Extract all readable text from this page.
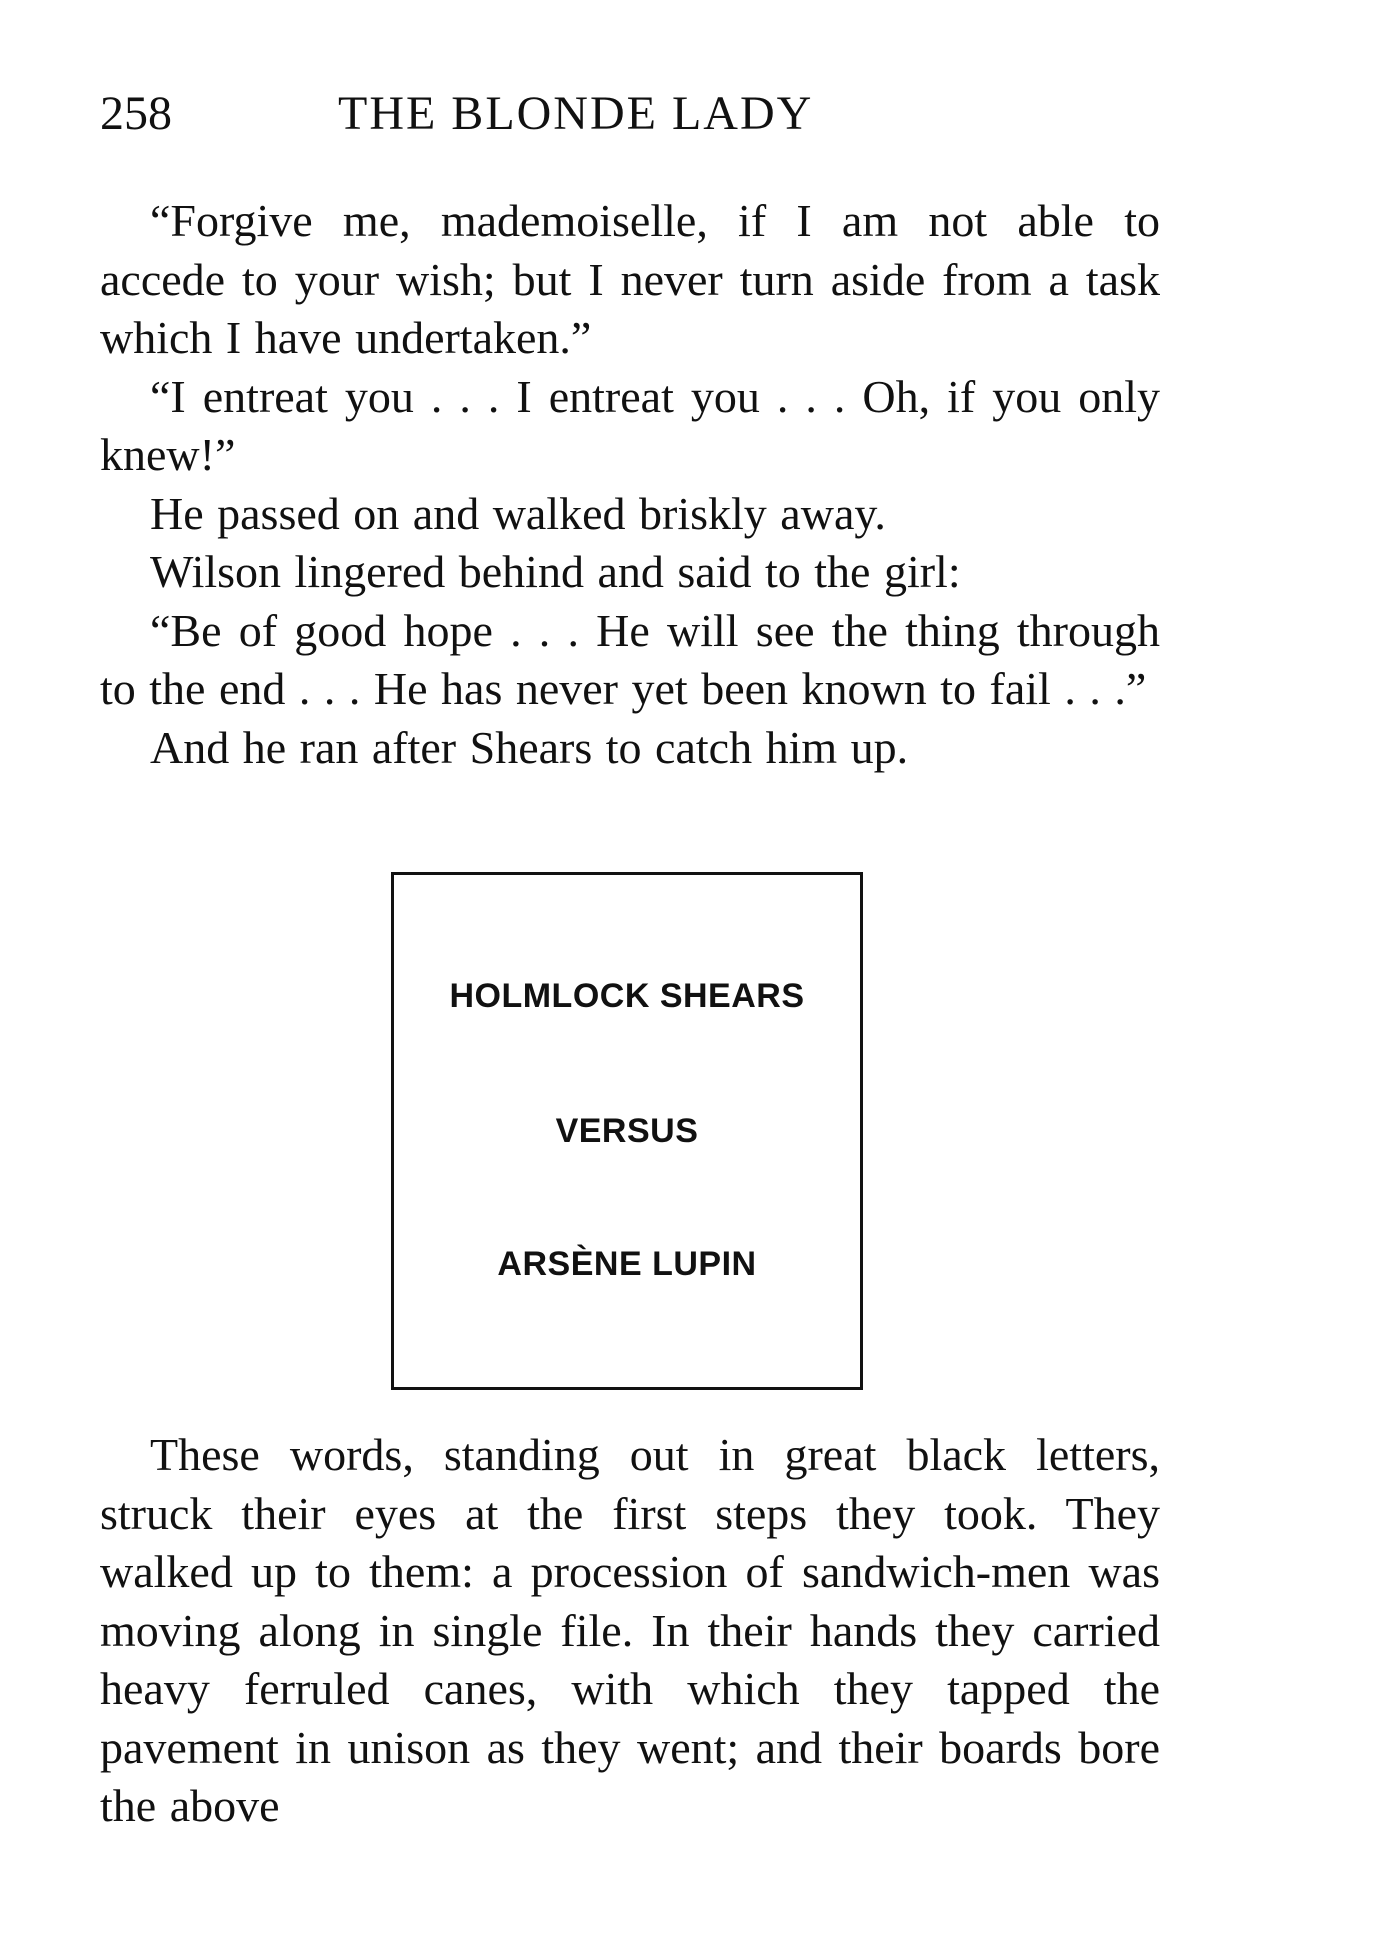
258	THE BLONDE LADY

“Forgive me, mademoiselle, if I am not able to accede to your wish; but I never turn aside from a task which I have undertaken.”

“I entreat you . . . I entreat you . . . Oh, if you only knew!”

He passed on and walked briskly away.

Wilson lingered behind and said to the girl:

“Be of good hope . . . He will see the thing through to the end . . . He has never yet been known to fail . . .”

And he ran after Shears to catch him up.

HOLMLOCK SHEARS
VERSUS
ARSÈNE LUPIN

These words, standing out in great black letters, struck their eyes at the first steps they took. They walked up to them: a procession of sandwich-men was moving along in single file. In their hands they carried heavy ferruled canes, with which they tapped the pavement in unison as they went; and their boards bore the above
